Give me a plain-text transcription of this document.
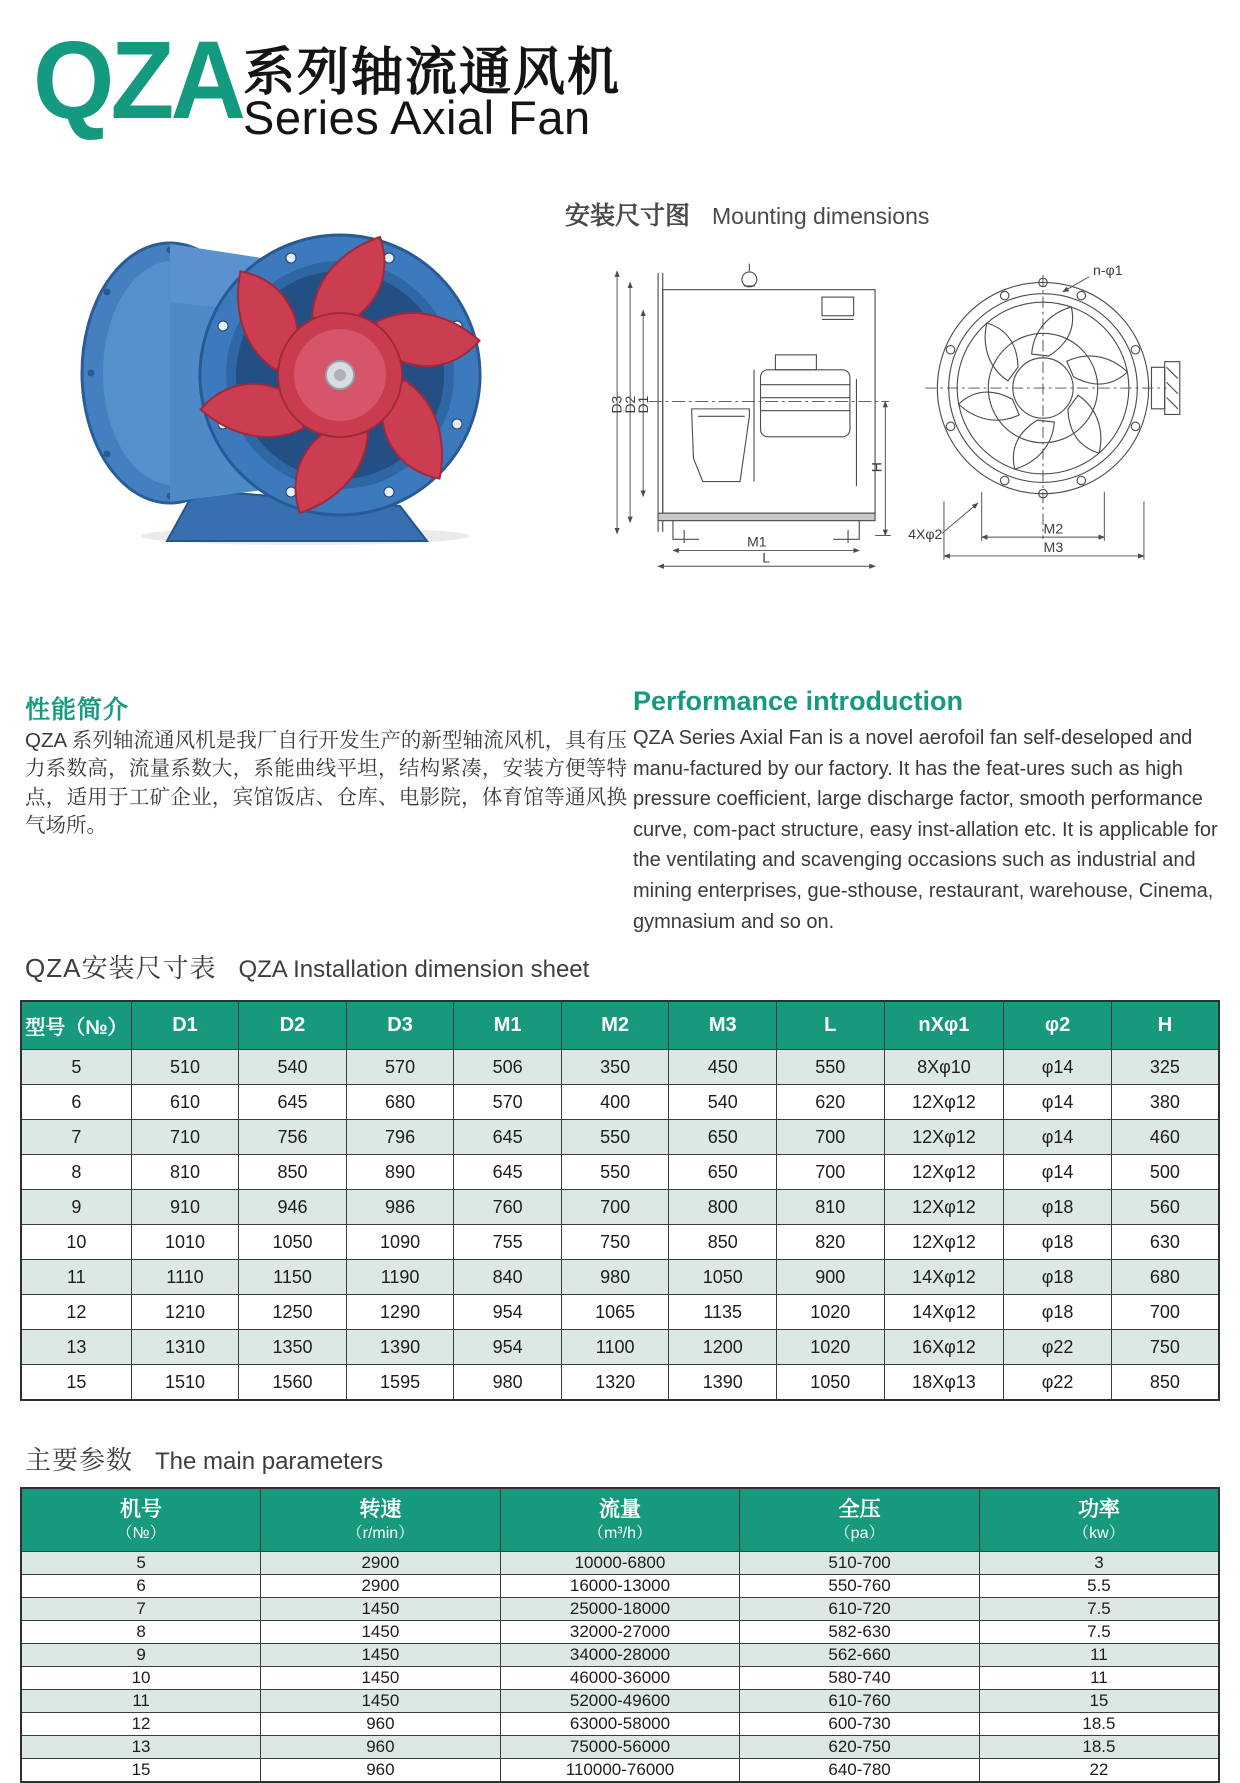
QZA 系列轴流通风机
Series Axial Fan
安装尺寸图 Mounting dimensions
D3
D2
D1
H
M1
L
n-φ1
M2
4Xφ2
M3
性能简介
QZA 系列轴流通风机是我厂自行开发生产的新型轴流风机，具有压力系数高，流量系数大，系能曲线平坦，结构紧凑，安装方便等特点，适用于工矿企业，宾馆饭店、仓库、电影院，体育馆等通风换气场所。
Performance introduction
QZA Series Axial Fan is a novel aerofoil fan self-deseloped and manu-factured by our factory. It has the feat-ures such as high pressure coefficient, large discharge factor, smooth performance curve, com-pact structure, easy inst-allation etc. It is applicable for the ventilating and scavenging occasions such as industrial and mining enterprises, gue-sthouse, restaurant, warehouse, Cinema, gymnasium and so on.
QZA安装尺寸表 QZA Installation dimension sheet
型号（№）	D1	D2	D3	M1	M2	M3	L	nXφ1	φ2	H
5	510	540	570	506	350	450	550	8Xφ10	φ14	325
6	610	645	680	570	400	540	620	12Xφ12	φ14	380
7	710	756	796	645	550	650	700	12Xφ12	φ14	460
8	810	850	890	645	550	650	700	12Xφ12	φ14	500
9	910	946	986	760	700	800	810	12Xφ12	φ18	560
10	1010	1050	1090	755	750	850	820	12Xφ12	φ18	630
11	1110	1150	1190	840	980	1050	900	14Xφ12	φ18	680
12	1210	1250	1290	954	1065	1135	1020	14Xφ12	φ18	700
13	1310	1350	1390	954	1100	1200	1020	16Xφ12	φ22	750
15	1510	1560	1595	980	1320	1390	1050	18Xφ13	φ22	850
主要参数 The main parameters
机号
（№）

转速
（r/min）

流量
（m³/h）

全压
（pa）

功率
（kw）

5	2900	10000-6800	510-700	3
6	2900	16000-13000	550-760	5.5
7	1450	25000-18000	610-720	7.5
8	1450	32000-27000	582-630	7.5
9	1450	34000-28000	562-660	11
10	1450	46000-36000	580-740	11
11	1450	52000-49600	610-760	15
12	960	63000-58000	600-730	18.5
13	960	75000-56000	620-750	18.5
15	960	110000-76000	640-780	22
